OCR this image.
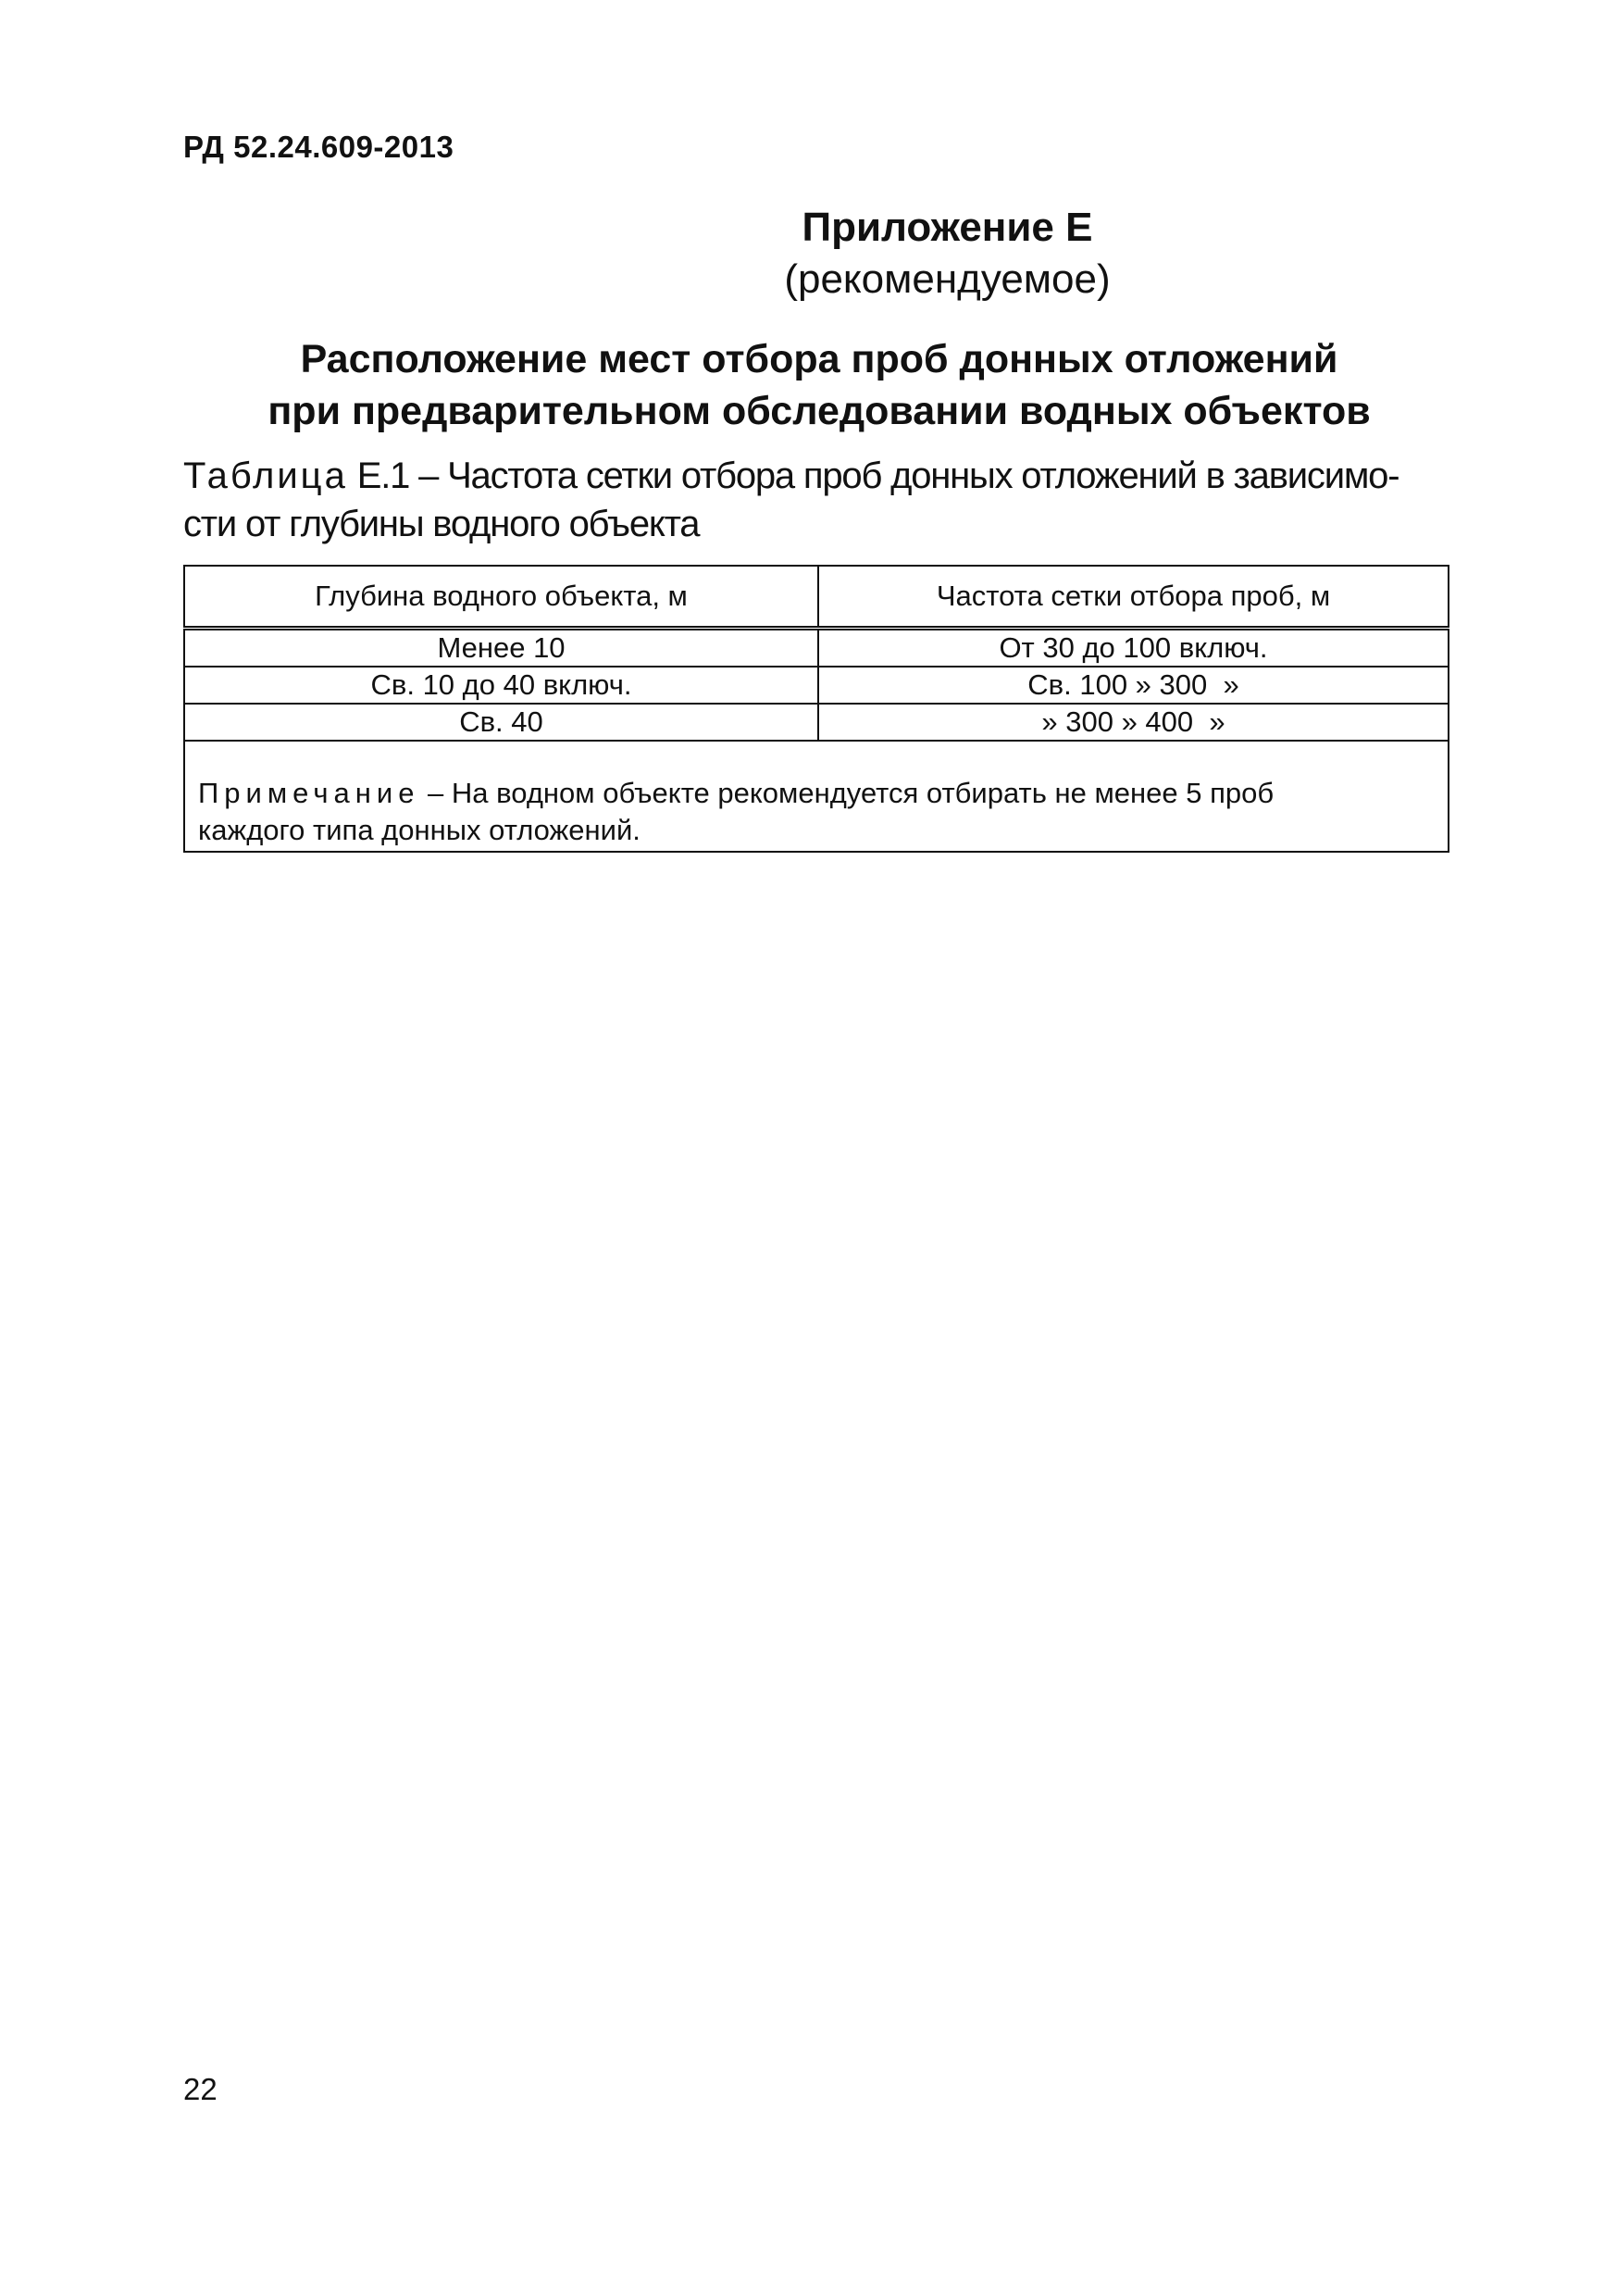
РД 52.24.609-2013
Приложение Е
(рекомендуемое)
Расположение мест отбора проб донных отложений
при предварительном обследовании водных объектов
Таблица Е.1 – Частота сетки отбора проб донных отложений в зависимо-
сти от глубины водного объекта
Глубина водного объекта, м	Частота сетки отбора проб, м
Менее 10	От 30 до 100 включ.
Св. 10 до 40 включ.	Св. 100 » 300  »
Св. 40	» 300 » 400  »

Примечание – На водном объекте рекомендуется отбирать не менее 5 проб
каждого типа донных отложений.	
22
